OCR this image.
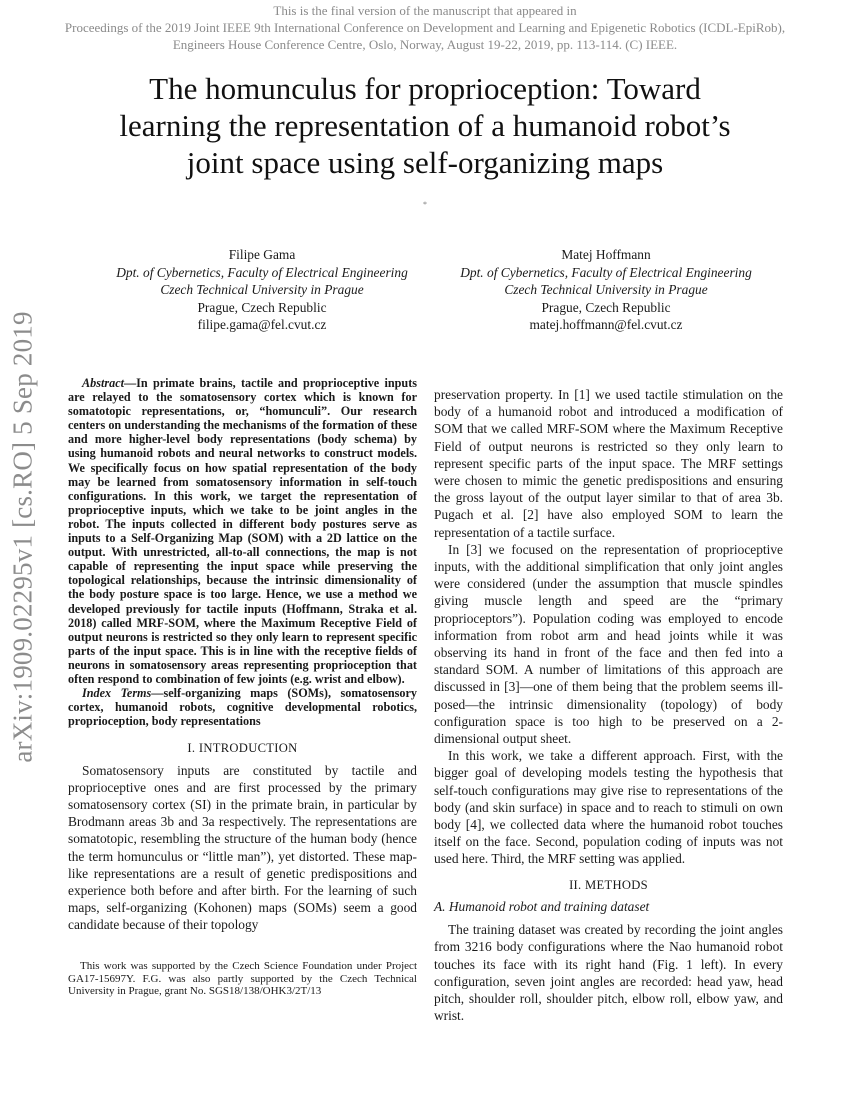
This is the final version of the manuscript that appeared in
Proceedings of the 2019 Joint IEEE 9th International Conference on Development and Learning and Epigenetic Robotics (ICDL-EpiRob),
Engineers House Conference Centre, Oslo, Norway, August 19-22, 2019, pp. 113-114. (C) IEEE.
The homunculus for proprioception: Toward
learning the representation of a humanoid robot’s
joint space using self-organizing maps
*
Filipe Gama
Dpt. of Cybernetics, Faculty of Electrical Engineering
Czech Technical University in Prague
Prague, Czech Republic
filipe.gama@fel.cvut.cz
Matej Hoffmann
Dpt. of Cybernetics, Faculty of Electrical Engineering
Czech Technical University in Prague
Prague, Czech Republic
matej.hoffmann@fel.cvut.cz
arXiv:1909.02295v1 [cs.RO] 5 Sep 2019	Abstract—In primate brains, tactile and proprioceptive inputs are relayed to the somatosensory cortex which is known for somatotopic representations, or, “homunculi”. Our research centers on understanding the mechanisms of the formation of these and more higher-level body representations (body schema) by using humanoid robots and neural networks to construct models. We specifically focus on how spatial representation of the body may be learned from somatosensory information in self-touch configurations. In this work, we target the representation of proprioceptive inputs, which we take to be joint angles in the robot. The inputs collected in different body postures serve as inputs to a Self-Organizing Map (SOM) with a 2D lattice on the output. With unrestricted, all-to-all connections, the map is not capable of representing the input space while preserving the topological relationships, because the intrinsic dimensionality of the body posture space is too large. Hence, we use a method we developed previously for tactile inputs (Hoffmann, Straka et al. 2018) called MRF-SOM, where the Maximum Receptive Field of output neurons is restricted so they only learn to represent specific parts of the input space. This is in line with the receptive fields of neurons in somatosensory areas representing proprioception that often respond to combination of few joints (e.g. wrist and elbow).

Index Terms—self-organizing maps (SOMs), somatosensory cortex, humanoid robots, cognitive developmental robotics, proprioception, body representations

I. INTRODUCTION

Somatosensory inputs are constituted by tactile and proprioceptive ones and are first processed by the primary somatosensory cortex (SI) in the primate brain, in particular by Brodmann areas 3b and 3a respectively. The representations are somatotopic, resembling the structure of the human body (hence the term homunculus or “little man”), yet distorted. These map-like representations are a result of genetic predispositions and experience both before and after birth. For the learning of such maps, self-organizing (Kohonen) maps (SOMs) seem a good candidate because of their topology

This work was supported by the Czech Science Foundation under Project GA17-15697Y. F.G. was also partly supported by the Czech Technical University in Prague, grant No. SGS18/138/OHK3/2T/13

preservation property. In [1] we used tactile stimulation on the body of a humanoid robot and introduced a modification of SOM that we called MRF-SOM where the Maximum Receptive Field of output neurons is restricted so they only learn to represent specific parts of the input space. The MRF settings were chosen to mimic the genetic predispositions and ensuring the gross layout of the output layer similar to that of area 3b. Pugach et al. [2] have also employed SOM to learn the representation of a tactile surface.

In [3] we focused on the representation of proprioceptive inputs, with the additional simplification that only joint angles were considered (under the assumption that muscle spindles giving muscle length and speed are the “primary proprioceptors”). Population coding was employed to encode information from robot arm and head joints while it was observing its hand in front of the face and then fed into a standard SOM. A number of limitations of this approach are discussed in [3]—one of them being that the problem seems ill-posed—the intrinsic dimensionality (topology) of body configuration space is too high to be preserved on a 2-dimensional output sheet.

In this work, we take a different approach. First, with the bigger goal of developing models testing the hypothesis that self-touch configurations may give rise to representations of the body (and skin surface) in space and to reach to stimuli on own body [4], we collected data where the humanoid robot touches itself on the face. Second, population coding of inputs was not used here. Third, the MRF setting was applied.

II. METHODS
A. Humanoid robot and training dataset

The training dataset was created by recording the joint angles from 3216 body configurations where the Nao humanoid robot touches its face with its right hand (Fig. 1 left). In every configuration, seven joint angles are recorded: head yaw, head pitch, shoulder roll, shoulder pitch, elbow roll, elbow yaw, and wrist.
